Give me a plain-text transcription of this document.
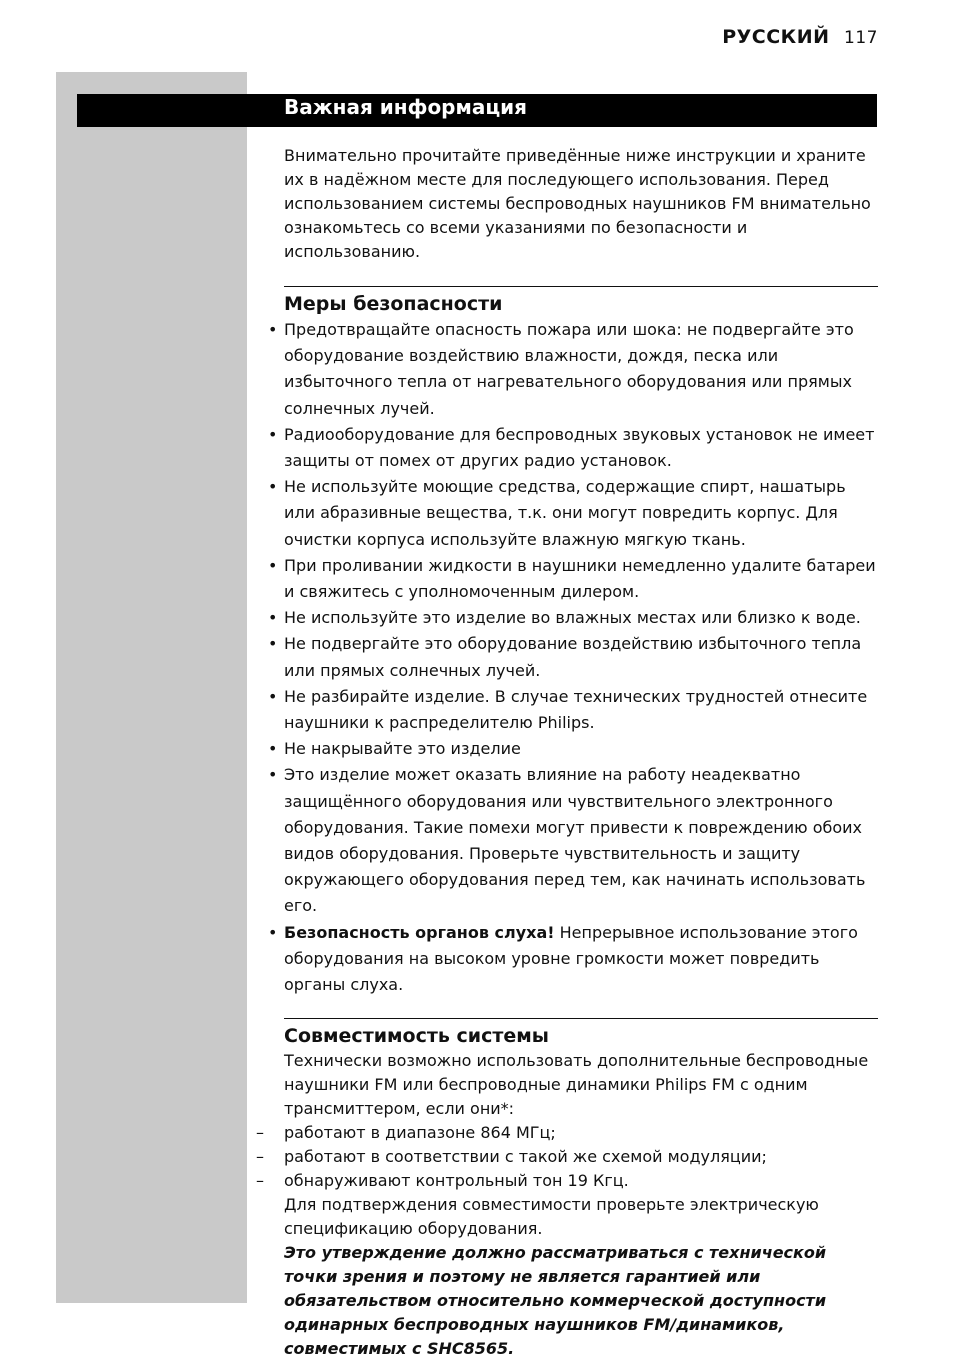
РУССКИЙ 117
Важная информация

Внимательно прочитайте приведённые ниже инструкции и храните их в надёжном месте для последующего использования. Перед использованием системы беспроводных наушников FM внимательно ознакомьтесь со всеми указаниями по безопасности и использованию.

Меры безопасности
• Предотвращайте опасность пожара или шока: не подвергайте это оборудование воздействию влажности, дождя, песка или избыточного тепла от нагревательного оборудования или прямых солнечных лучей.
• Радиооборудование для беспроводных звуковых установок не имеет защиты от помех от других радио установок.
• Не используйте моющие средства, содержащие спирт, нашатырь или абразивные вещества, т.к. они могут повредить корпус. Для очистки корпуса используйте влажную мягкую ткань.
• При проливании жидкости в наушники немедленно удалите батареи и свяжитесь с уполномоченным дилером.
• Не используйте это изделие во влажных местах или близко к воде.
• Не подвергайте это оборудование воздействию избыточного тепла или прямых солнечных лучей.
• Не разбирайте изделие. В случае технических трудностей отнесите наушники к распределителю Philips.
• Не накрывайте это изделие
• Это изделие может оказать влияние на работу неадекватно защищённого оборудования или чувствительного электронного оборудования. Такие помехи могут привести к повреждению обоих видов оборудования. Проверьте чувствительность и защиту окружающего оборудования перед тем, как начинать использовать его.
• Безопасность органов слуха! Непрерывное использование этого оборудования на высоком уровне громкости может повредить органы слуха.
Совместимость системы

Технически возможно использовать дополнительные беспроводные наушники FM или беспроводные динамики Philips FM с одним трансмиттером, если они*:

– работают в диапазоне 864 МГц;
– работают в соответствии с такой же схемой модуляции;
– обнаруживают контрольный тон 19 Кгц.

Для подтверждения совместимости проверьте электрическую спецификацию оборудования.

Это утверждение должно рассматриваться с технической точки зрения и поэтому не является гарантией или обязательством относительно коммерческой доступности одинарных беспроводных наушников FM/динамиков, совместимых с SHC8565.
